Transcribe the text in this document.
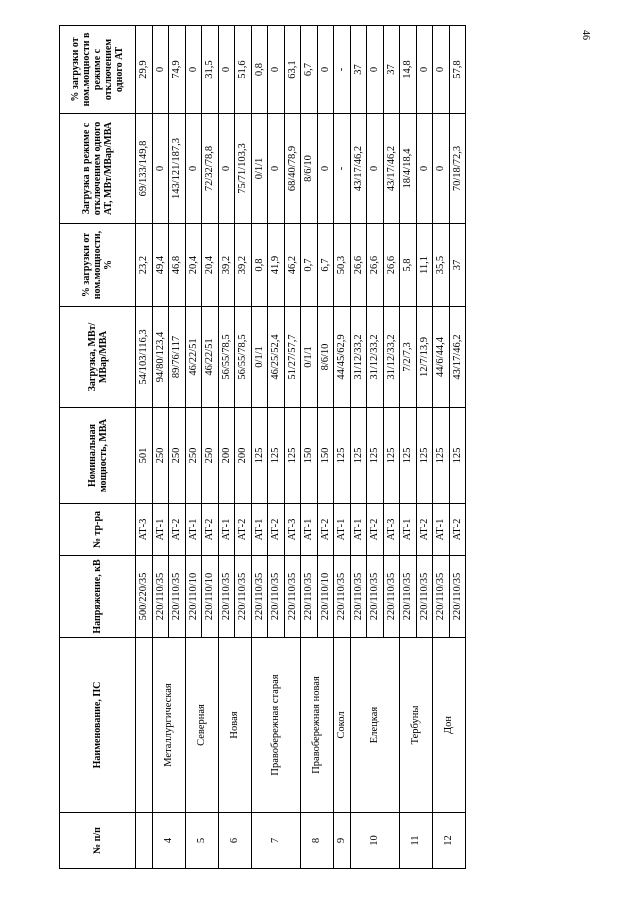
46
№ п/п	Наименование, ПС	Напряжение, кВ	№ тр-ра	Номинальная мощность, МВА	Загрузка, МВт/МВар/МВА	% загрузки от ном.мощности, %	Загрузка в режиме с отключением одного АТ, МВт/МВар/МВА	% загрузки от ном.мощности в режиме с отключением одного АТ
		500/220/35	АТ-3	501	54/103/116,3	23,2	69/133/149,8	29,9
4	Металлургическая	220/110/35	АТ-1	250	94/80/123,4	49,4	0	0
		220/110/35	АТ-2	250	89/76/117	46,8	143/121/187,3	74,9
5	Северная	220/110/10	АТ-1	250	46/22/51	20,4	0	0
		220/110/10	АТ-2	250	46/22/51	20,4	72/32/78,8	31,5
6	Новая	220/110/35	АТ-1	200	56/55/78,5	39,2	0	0
		220/110/35	АТ-2	200	56/55/78,5	39,2	75/71/103,3	51,6
7	Правобережная старая	220/110/35	АТ-1	125	0/1/1	0,8	0/1/1	0,8
		220/110/35	АТ-2	125	46/25/52,4	41,9	0	0
		220/110/35	АТ-3	125	51/27/57,7	46,2	68/40/78,9	63,1
8	Правобережная новая	220/110/35	АТ-1	150	0/1/1	0,7	8/6/10	6,7
		220/110/10	АТ-2	150	8/6/10	6,7	0	0
9	Сокол	220/110/35	АТ-1	125	44/45/62,9	50,3	-	-
10	Елецкая	220/110/35	АТ-1	125	31/12/33,2	26,6	43/17/46,2	37
		220/110/35	АТ-2	125	31/12/33,2	26,6	0	0
		220/110/35	АТ-3	125	31/12/33,2	26,6	43/17/46,2	37
11	Тербуны	220/110/35	АТ-1	125	7/2/7,3	5,8	18/4/18,4	14,8
		220/110/35	АТ-2	125	12/7/13,9	11,1	0	0
12	Дон	220/110/35	АТ-1	125	44/6/44,4	35,5	0	0
		220/110/35	АТ-2	125	43/17/46,2	37	70/18/72,3	57,8
